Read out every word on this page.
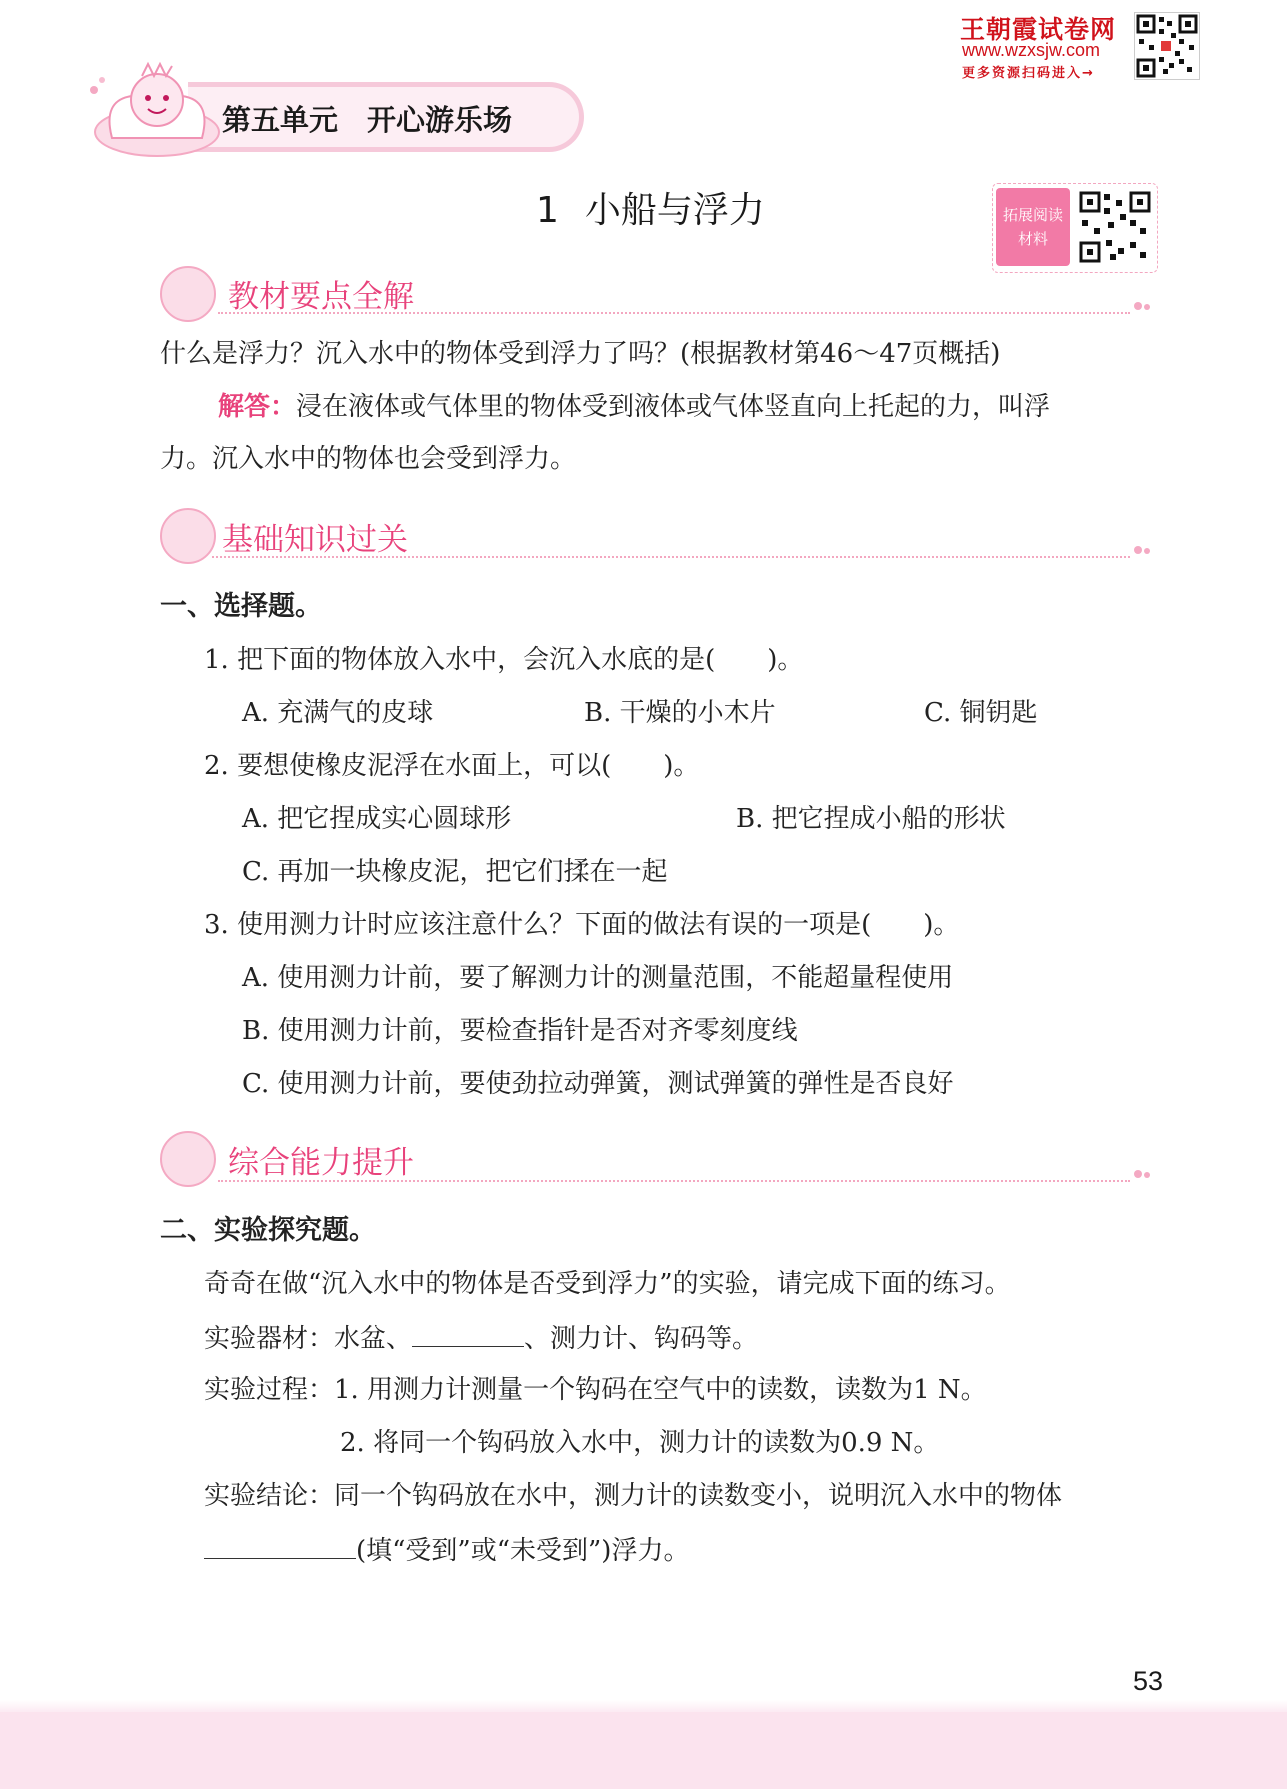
王朝霞试卷网
www.wzxsjw.com
更多资源扫码进入→
第五单元　开心游乐场
1 小船与浮力	拓展阅读
材料
教材要点全解
什么是浮力？沉入水中的物体受到浮力了吗？(根据教材第46～47页概括)
解答：浸在液体或气体里的物体受到液体或气体竖直向上托起的力，叫浮
力。沉入水中的物体也会受到浮力。
基础知识过关
一、选择题。
1. 把下面的物体放入水中，会沉入水底的是(　　)。
A. 充满气的皮球	B. 干燥的小木片	C. 铜钥匙
2. 要想使橡皮泥浮在水面上，可以(　　)。
A. 把它捏成实心圆球形	B. 把它捏成小船的形状
C. 再加一块橡皮泥，把它们揉在一起
3. 使用测力计时应该注意什么？下面的做法有误的一项是(　　)。
A. 使用测力计前，要了解测力计的测量范围，不能超量程使用
B. 使用测力计前，要检查指针是否对齐零刻度线
C. 使用测力计前，要使劲拉动弹簧，测试弹簧的弹性是否良好
综合能力提升
二、实验探究题。
奇奇在做“沉入水中的物体是否受到浮力”的实验，请完成下面的练习。
实验器材：水盆、	、测力计、钩码等。
实验过程：1. 用测力计测量一个钩码在空气中的读数，读数为1 N。
2. 将同一个钩码放入水中，测力计的读数为0.9 N。
实验结论：同一个钩码放在水中，测力计的读数变小，说明沉入水中的物体
(填“受到”或“未受到”)浮力。
53
